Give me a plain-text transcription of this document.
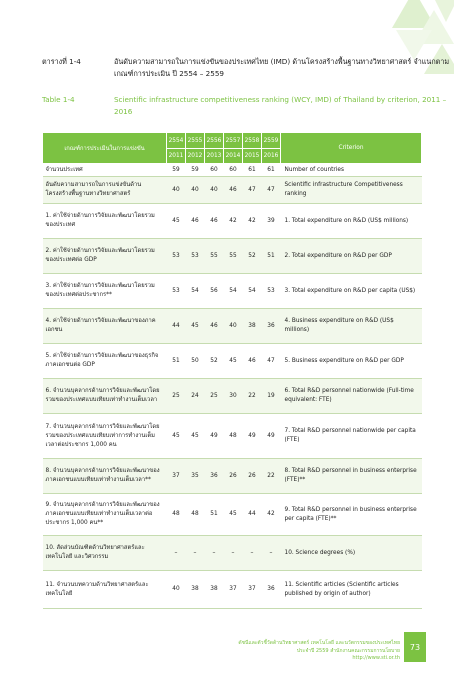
ตารางที่ 1-4	อันดับความสามารถในการแข่งขันของประเทศไทย (IMD) ด้านโครงสร้างพื้นฐานทางวิทยาศาสตร์ จำแนกตามเกณฑ์การประเมิน ปี 2554 – 2559
Table 1-4	Scientific infrastructure competitiveness ranking (WCY, IMD) of Thailand by criterion, 2011 – 2016
เกณฑ์การประเมินในการแข่งขัน	2554	2555	2556	2557	2558	2559	Criterion
	2011	2012	2013	2014	2015	2016	
จำนวนประเทศ	59	59	60	60	61	61	Number of countries
อันดับความสามารถในการแข่งขันด้านโครงสร้างพื้นฐานทางวิทยาศาสตร์	40	40	40	46	47	47	Scientific infrastructure Competitiveness ranking
1. ค่าใช้จ่ายด้านการวิจัยและพัฒนาโดยรวมของประเทศ	45	46	46	42	42	39	1. Total expenditure on R&D (US$ millions)
2. ค่าใช้จ่ายด้านการวิจัยและพัฒนาโดยรวมของประเทศต่อ GDP	53	53	55	55	52	51	2. Total expenditure on R&D per GDP
3. ค่าใช้จ่ายด้านการวิจัยและพัฒนาโดยรวมของประเทศต่อประชากร**	53	54	56	54	54	53	3. Total expenditure on R&D per capita (US$)
4. ค่าใช้จ่ายด้านการวิจัยและพัฒนาของภาคเอกชน	44	45	46	40	38	36	4. Business expenditure on R&D (US$ millions)
5. ค่าใช้จ่ายด้านการวิจัยและพัฒนาของธุรกิจภาคเอกชนต่อ GDP	51	50	52	45	46	47	5. Business expenditure on R&D per GDP
6. จำนวนบุคลากรด้านการวิจัยและพัฒนาโดยรวมของประเทศแบบเทียบเท่าทำงานเต็มเวลา	25	24	25	30	22	19	6. Total R&D personnel nationwide (Full-time equivalent: FTE)
7. จำนวนบุคลากรด้านการวิจัยและพัฒนาโดยรวมของประเทศแบบเทียบเท่าการทำงานเต็มเวลาต่อประชากร 1,000 คน	45	45	49	48	49	49	7. Total R&D personnel nationwide per capita (FTE)
8. จำนวนบุคลากรด้านการวิจัยและพัฒนาของภาคเอกชนแบบเทียบเท่าทำงานเต็มเวลา**	37	35	36	26	26	22	8. Total R&D personnel in business enterprise (FTE)**
9. จำนวนบุคลากรด้านการวิจัยและพัฒนาของภาคเอกชนแบบเทียบเท่าทำงานเต็มเวลาต่อประชากร 1,000 คน**	48	48	51	45	44	42	9. Total R&D personnel in business enterprise per capita (FTE)**
10. สัดส่วนบัณฑิตด้านวิทยาศาสตร์และเทคโนโลยี และวิศวกรรม	–	–	–	–	–	–	10. Science degrees (%)
11. จำนวนบทความด้านวิทยาศาสตร์และเทคโนโลยี	40	38	38	37	37	36	11. Scientific articles (Scientific articles published by origin of author)
ดัชนีและตัวชี้วัดด้านวิทยาศาสตร์ เทคโนโลยี และนวัตกรรมของประเทศไทย
ประจำปี 2559 สำนักงานคณะกรรมการนโยบาย
http://www.sti.or.th
73
